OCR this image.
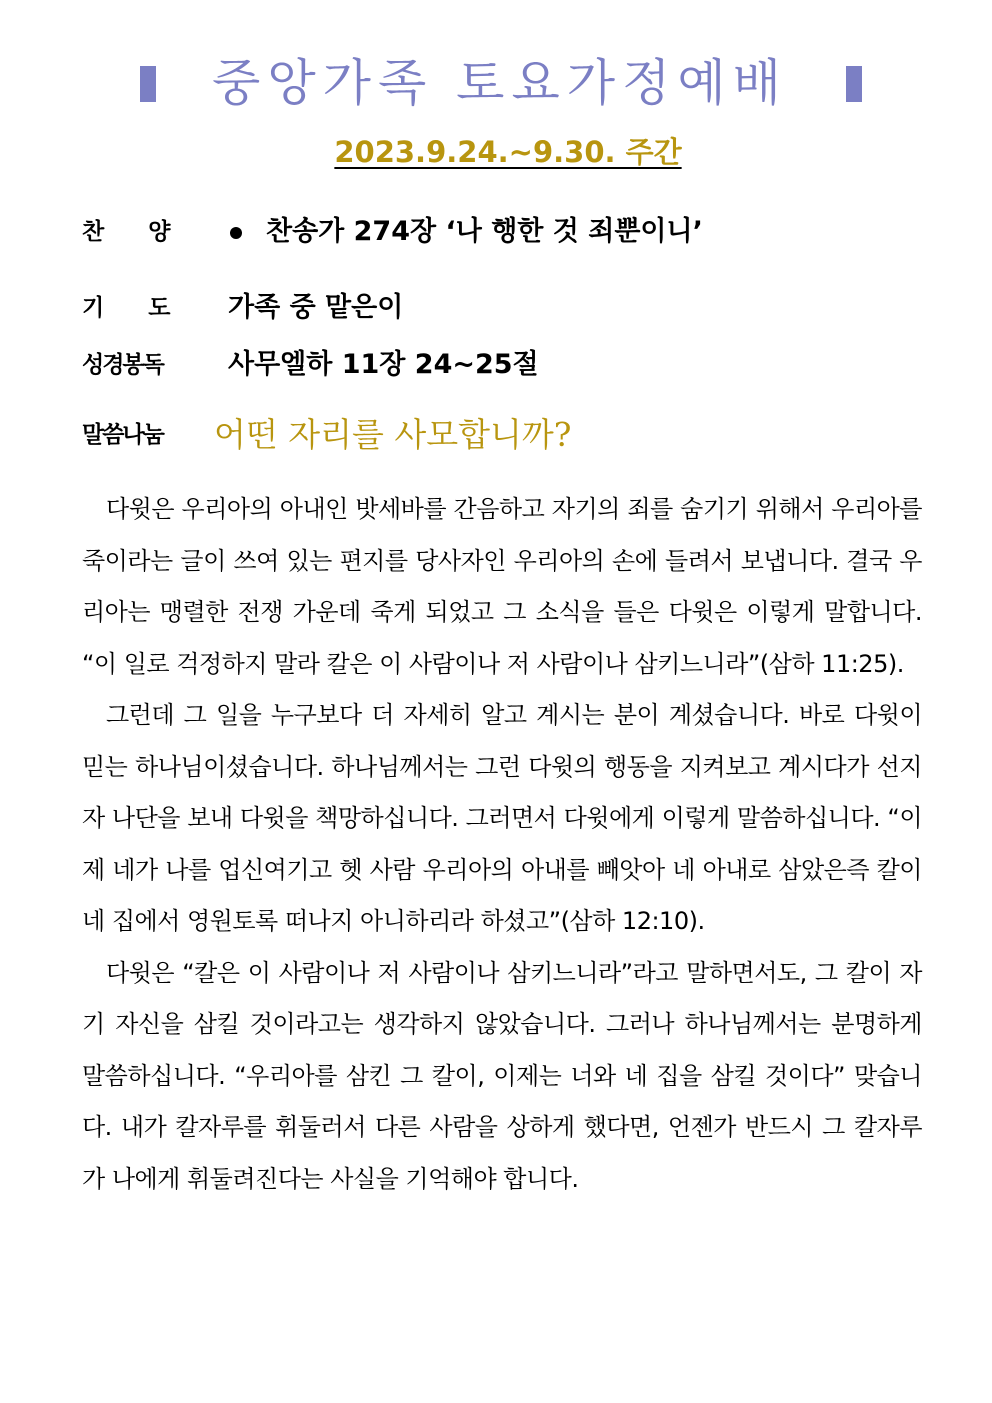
중앙가족 토요가정예배
2023.9.24.~9.30. 주간
찬양 찬송가 274장 ‘나 행한 것 죄뿐이니’
기도 가족 중 맡은이
성경봉독 사무엘하 11장 24~25절
말씀나눔 어떤 자리를 사모합니까?

다윗은 우리아의 아내인 밧세바를 간음하고 자기의 죄를 숨기기 위해서 우리아를 죽이라는 글이 쓰여 있는 편지를 당사자인 우리아의 손에 들려서 보냅니다. 결국 우리아는 맹렬한 전쟁 가운데 죽게 되었고 그 소식을 들은 다윗은 이렇게 말합니다. “이 일로 걱정하지 말라 칼은 이 사람이나 저 사람이나 삼키느니라”(삼하 11:25).

그런데 그 일을 누구보다 더 자세히 알고 계시는 분이 계셨습니다. 바로 다윗이 믿는 하나님이셨습니다. 하나님께서는 그런 다윗의 행동을 지켜보고 계시다가 선지자 나단을 보내 다윗을 책망하십니다. 그러면서 다윗에게 이렇게 말씀하십니다. “이제 네가 나를 업신여기고 헷 사람 우리아의 아내를 빼앗아 네 아내로 삼았은즉 칼이 네 집에서 영원토록 떠나지 아니하리라 하셨고”(삼하 12:10).

다윗은 “칼은 이 사람이나 저 사람이나 삼키느니라”라고 말하면서도, 그 칼이 자기 자신을 삼킬 것이라고는 생각하지 않았습니다. 그러나 하나님께서는 분명하게 말씀하십니다. “우리아를 삼킨 그 칼이, 이제는 너와 네 집을 삼킬 것이다” 맞습니다. 내가 칼자루를 휘둘러서 다른 사람을 상하게 했다면, 언젠가 반드시 그 칼자루가 나에게 휘둘려진다는 사실을 기억해야 합니다.
